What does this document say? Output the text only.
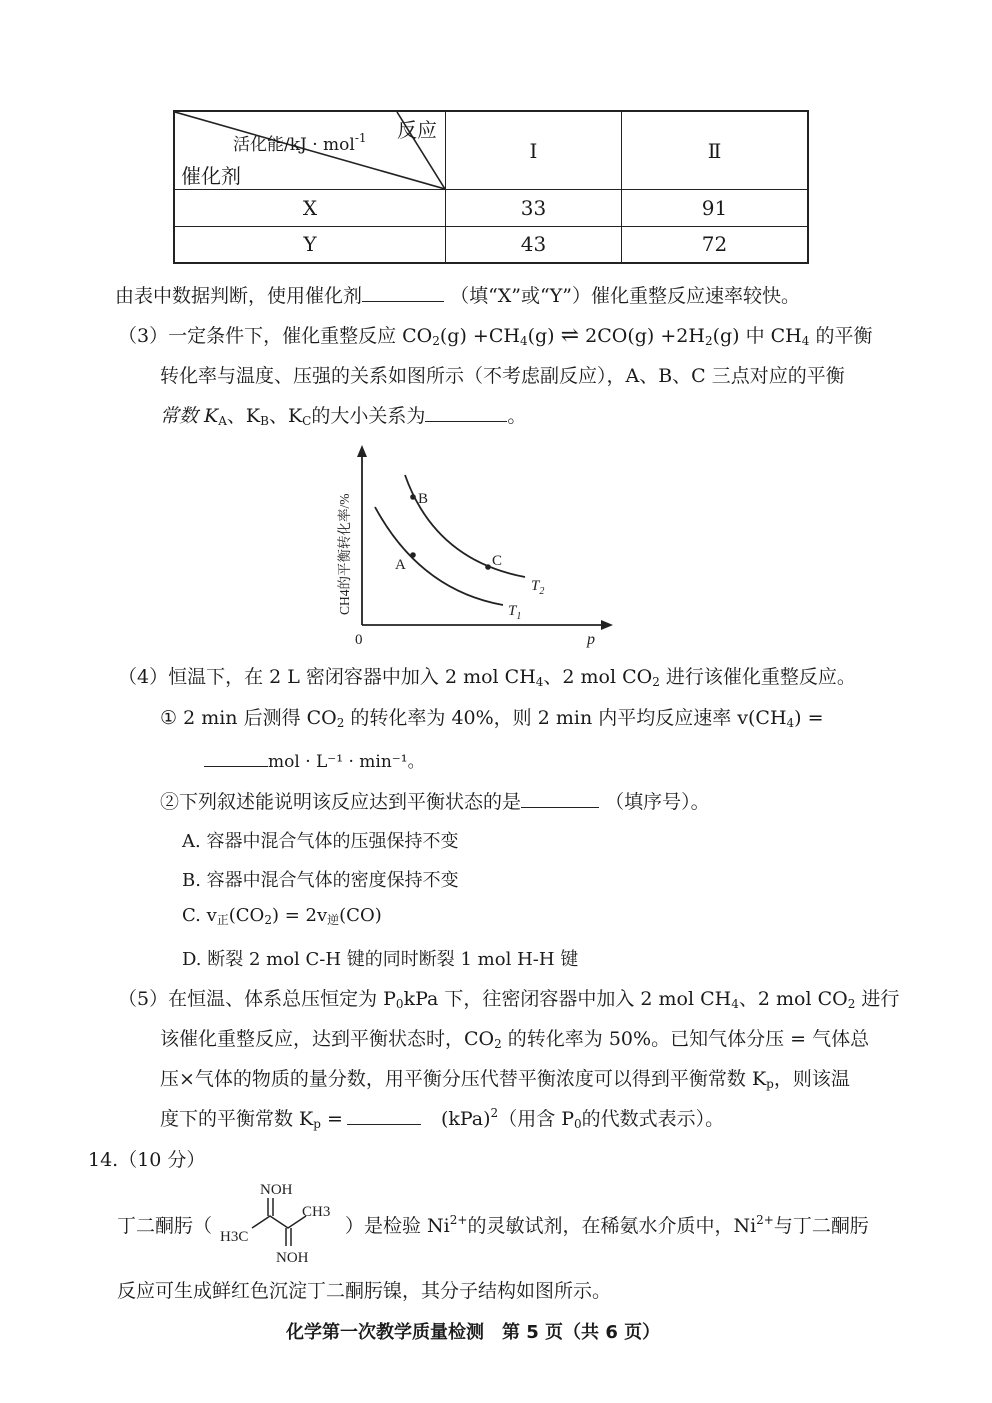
反应
活化能/kJ · mol$^{-1}$
催化剂	Ⅰ	Ⅱ
X	33	91
Y	43	72
由表中数据判断，使用催化剂	（填“X”或“Y”）催化重整反应速率较快。
（3）一定条件下，催化重整反应 CO2(g) +CH4(g) ⇌ 2CO(g) +2H2(g) 中 CH4 的平衡
转化率与温度、压强的关系如图所示（不考虑副反应），A、B、C 三点对应的平衡
常数 KA、KB、KC的大小关系为	。
B
C
A
$T_2$
$T_1$
0	p
CH4的平衡转化率/%
（4）恒温下，在 2 L 密闭容器中加入 2 mol CH4、2 mol CO2 进行该催化重整反应。
① 2 min 后测得 CO2 的转化率为 40%，则 2 min 内平均反应速率 v(CH4) =
mol · L⁻¹ · min⁻¹。
②下列叙述能说明该反应达到平衡状态的是	（填序号）。
A. 容器中混合气体的压强保持不变
B. 容器中混合气体的密度保持不变
C. v正(CO2) = 2v逆(CO)
D. 断裂 2 mol C-H 键的同时断裂 1 mol H-H 键
（5）在恒温、体系总压恒定为 P0kPa 下，往密闭容器中加入 2 mol CH4、2 mol CO2 进行
该催化重整反应，达到平衡状态时，CO2 的转化率为 50%。已知气体分压 = 气体总
压×气体的物质的量分数，用平衡分压代替平衡浓度可以得到平衡常数 Kp，则该温
度下的平衡常数 Kp =	(kPa)$^2$（用含 P0的代数式表示）。
14.（10 分）
丁二酮肟（
NOH
NOH
CH3
H3C	）是检验 $Ni^{2+}$的灵敏试剂，在稀氨水介质中，$Ni^{2+}$与丁二酮肟
反应可生成鲜红色沉淀丁二酮肟镍，其分子结构如图所示。
化学第一次教学质量检测　第 5 页（共 6 页）
